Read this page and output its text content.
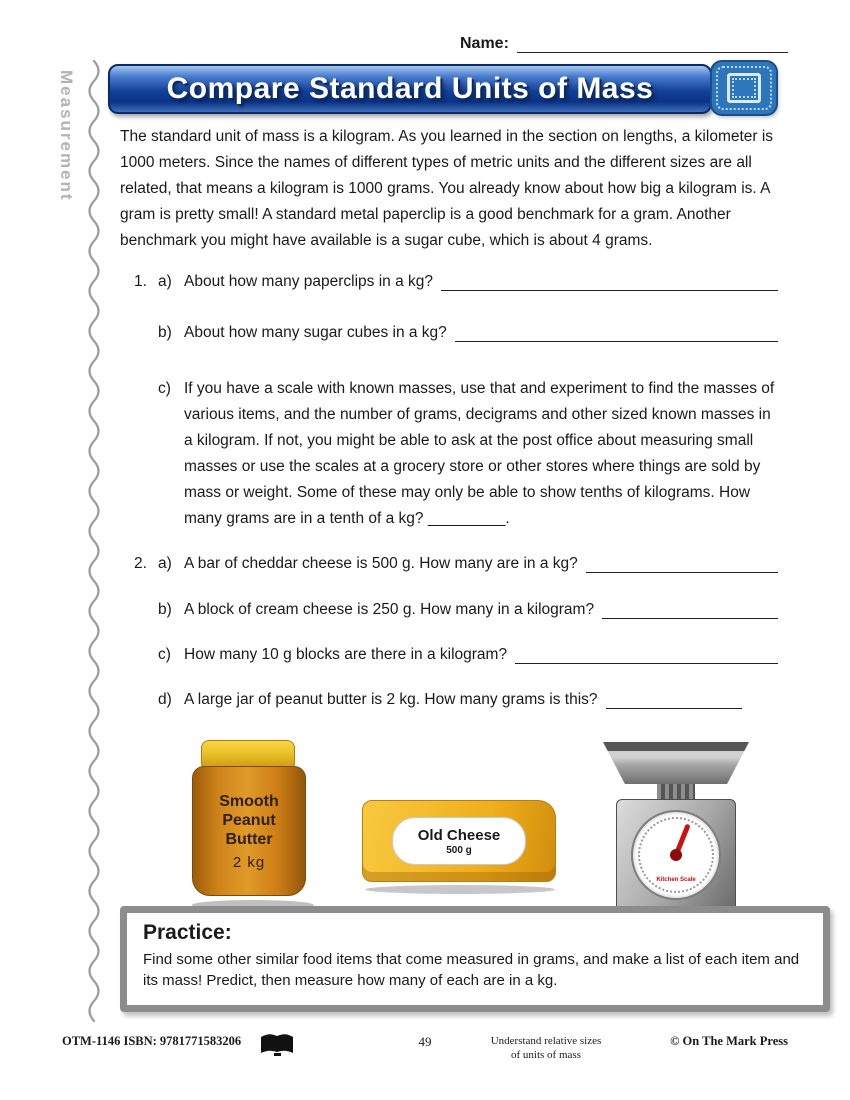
Name:
Measurement	Compare Standard Units of Mass

The standard unit of mass is a kilogram. As you learned in the section on lengths, a kilometer is 1000 meters. Since the names of different types of metric units and the different sizes are all related, that means a kilogram is 1000 grams. You already know about how big a kilogram is. A gram is pretty small! A standard metal paperclip is a good benchmark for a gram. Another benchmark you might have available is a sugar cube, which is about 4 grams.

1. a) About how many paperclips in a kg?
b) About how many sugar cubes in a kg?
c) If you have a scale with known masses, use that and experiment to find the masses of various items, and the number of grams, decigrams and other sized known masses in a kilogram. If not, you might be able to ask at the post office about measuring small masses or use the scales at a grocery store or other stores where things are sold by mass or weight. Some of these may only be able to show tenths of kilograms. How many grams are in a tenth of a kg? _________.
2. a) A bar of cheddar cheese is 500 g. How many are in a kg?
b) A block of cream cheese is 250 g. How many in a kilogram?
c) How many 10 g blocks are there in a kilogram?
d) A large jar of peanut butter is 2 kg. How many grams is this?
Smooth Peanut Butter
2 kg
Old Cheese
500 g
Kitchen Scale

Practice:

Find some other similar food items that come measured in grams, and make a list of each item and its mass! Predict, then measure how many of each are in a kg.

OTM-1146 ISBN: 9781771583206	49	Understand relative sizes
of units of mass
© On The Mark Press
